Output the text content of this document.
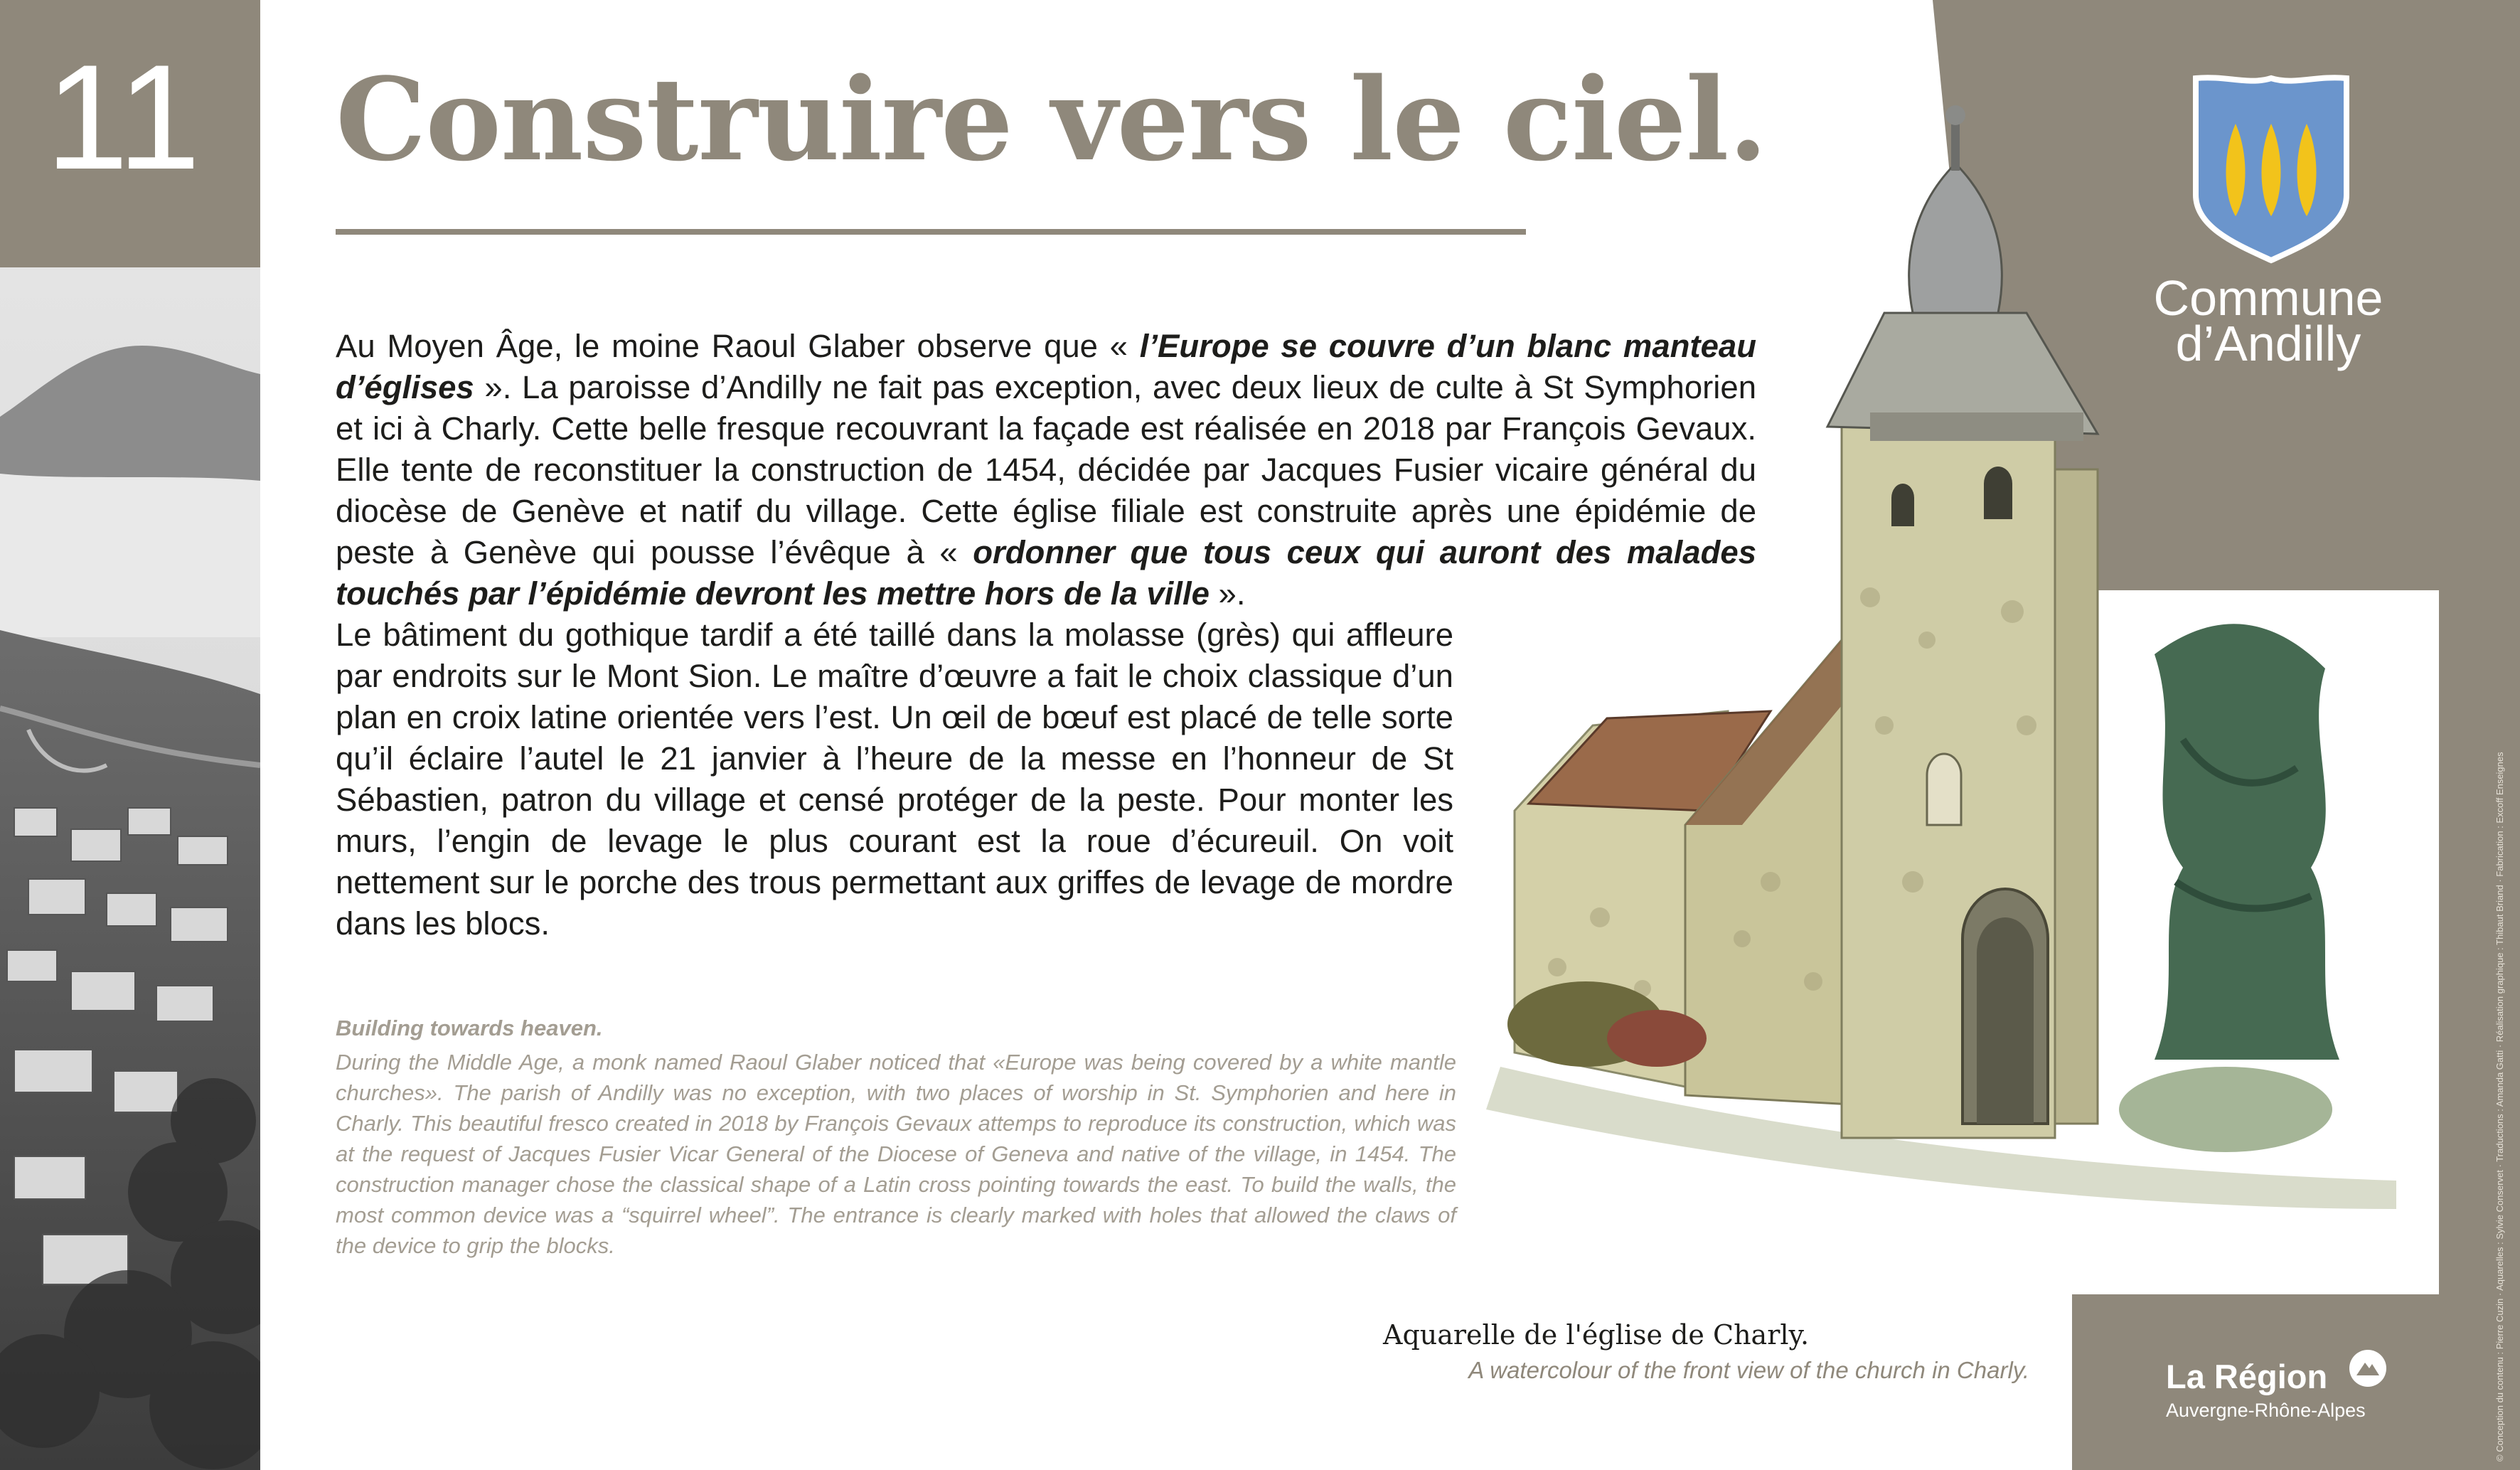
11	Construire vers le ciel.

Au Moyen Âge, le moine Raoul Glaber observe que « l’Europe se couvre d’un blanc manteau d’églises ». La paroisse d’Andilly ne fait pas exception, avec deux lieux de culte à St Symphorien et ici à Charly. Cette belle fresque recouvrant la façade est réalisée en 2018 par François Gevaux. Elle tente de reconstituer la construction de 1454, décidée par Jacques Fusier vicaire général du diocèse de Genève et natif du village. Cette église filiale est construite après une épidémie de peste à Genève qui pousse l’évêque à « ordonner que tous ceux qui auront des malades touchés par l’épidémie devront les mettre hors de la ville ».

Le bâtiment du gothique tardif a été taillé dans la molasse (grès) qui affleure par endroits sur le Mont Sion. Le maître d’œuvre a fait le choix classique d’un plan en croix latine orientée vers l’est. Un œil de bœuf est placé de telle sorte qu’il éclaire l’autel le 21 janvier à l’heure de la messe en l’honneur de St Sébastien, patron du village et censé protéger de la peste. Pour monter les murs, l’engin de levage le plus courant est la roue d’écureuil. On voit nettement sur le porche des trous permettant aux griffes de levage de mordre dans les blocs.

Building towards heaven.
During the Middle Age, a monk named Raoul Glaber noticed that «Europe was being covered by a white mantle churches». The parish of Andilly was no exception, with two places of worship in St. Symphorien and here in Charly. This beautiful fresco created in 2018 by François Gevaux attemps to reproduce its construction, which was at the request of Jacques Fusier Vicar General of the Diocese of Geneva and native of the village, in 1454. The construction manager chose the classical shape of a Latin cross pointing towards the east. To build the walls, the most common device was a “squirrel wheel”. The entrance is clearly marked with holes that allowed the claws of the device to grip the blocks.
Aquarelle de l'église de Charly.
A watercolour of the front view of the church in Charly.
Commune
d’Andilly
La Région
Auvergne-Rhône-Alpes	© Conception du contenu : Pierre Cuzin · Aquarelles : Sylvie Conservet · Traductions : Amanda Gatti · Réalisation graphique : Thibaut Briand · Fabrication : Excoff Enseignes
